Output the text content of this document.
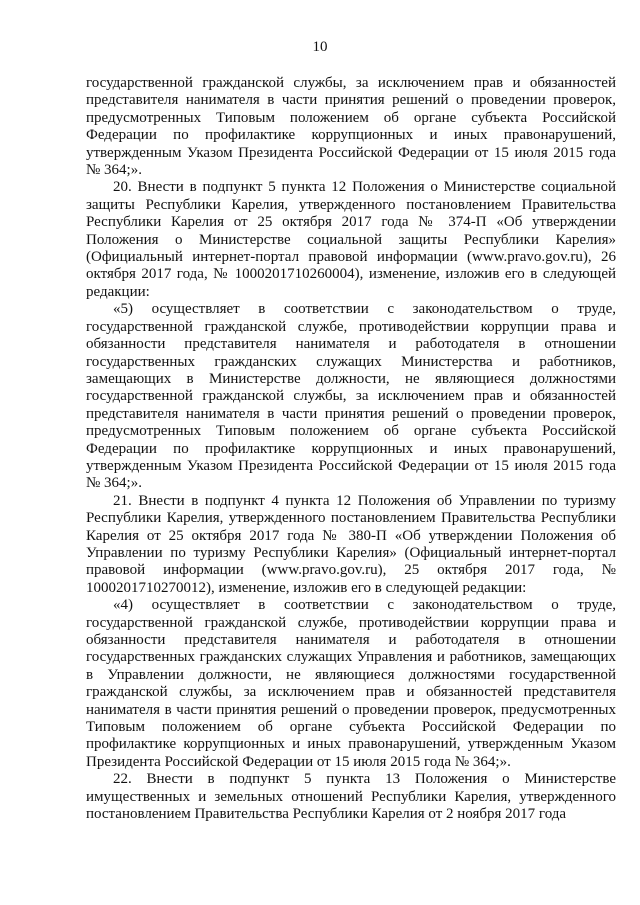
10

государственной гражданской службы, за исключением прав и обязанностей представителя нанимателя в части принятия решений о проведении проверок, предусмотренных Типовым положением об органе субъекта Российской Федерации по профилактике коррупционных и иных правонарушений, утвержденным Указом Президента Российской Федерации от 15 июля 2015 года № 364;».

20. Внести в подпункт 5 пункта 12 Положения о Министерстве социальной защиты Республики Карелия, утвержденного постановлением Правительства Республики Карелия от 25 октября 2017 года № 374-П «Об утверждении Положения о Министерстве социальной защиты Республики Карелия» (Официальный интернет-портал правовой информации (www.pravo.gov.ru), 26 октября 2017 года, № 1000201710260004), изменение, изложив его в следующей редакции:

«5) осуществляет в соответствии с законодательством о труде, государственной гражданской службе, противодействии коррупции права и обязанности представителя нанимателя и работодателя в отношении государственных гражданских служащих Министерства и работников, замещающих в Министерстве должности, не являющиеся должностями государственной гражданской службы, за исключением прав и обязанностей представителя нанимателя в части принятия решений о проведении проверок, предусмотренных Типовым положением об органе субъекта Российской Федерации по профилактике коррупционных и иных правонарушений, утвержденным Указом Президента Российской Федерации от 15 июля 2015 года № 364;».

21. Внести в подпункт 4 пункта 12 Положения об Управлении по туризму Республики Карелия, утвержденного постановлением Правительства Республики Карелия от 25 октября 2017 года № 380-П «Об утверждении Положения об Управлении по туризму Республики Карелия» (Официальный интернет-портал правовой информации (www.pravo.gov.ru), 25 октября 2017 года, № 1000201710270012), изменение, изложив его в следующей редакции:

«4) осуществляет в соответствии с законодательством о труде, государственной гражданской службе, противодействии коррупции права и обязанности представителя нанимателя и работодателя в отношении государственных гражданских служащих Управления и работников, замещающих в Управлении должности, не являющиеся должностями государственной гражданской службы, за исключением прав и обязанностей представителя нанимателя в части принятия решений о проведении проверок, предусмотренных Типовым положением об органе субъекта Российской Федерации по профилактике коррупционных и иных правонарушений, утвержденным Указом Президента Российской Федерации от 15 июля 2015 года № 364;».

22. Внести в подпункт 5 пункта 13 Положения о Министерстве имущественных и земельных отношений Республики Карелия, утвержденного постановлением Правительства Республики Карелия от 2 ноября 2017 года
